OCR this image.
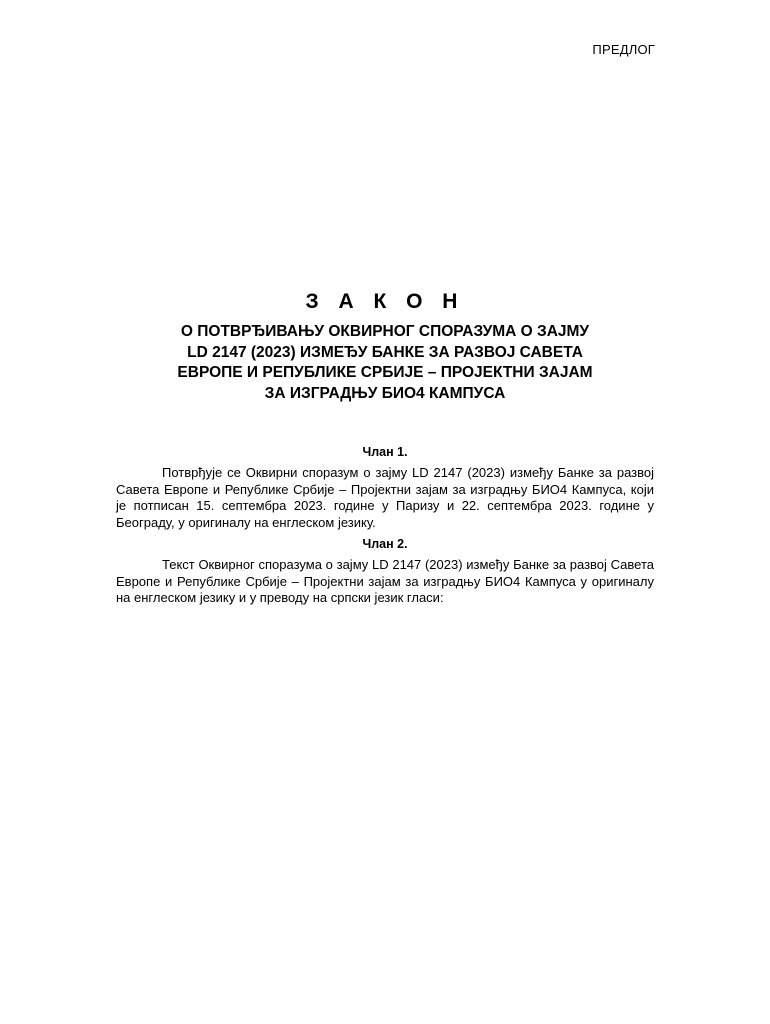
ПРЕДЛОГ
З А К О Н
О ПОТВРЂИВАЊУ ОКВИРНОГ СПОРАЗУМА О ЗАЈМУ LD 2147 (2023) ИЗМЕЂУ БАНКЕ ЗА РАЗВОЈ САВЕТА ЕВРОПЕ И РЕПУБЛИКЕ СРБИЈЕ – ПРОЈЕКТНИ ЗАЈАМ ЗА ИЗГРАДЊУ БИО4 КАМПУСА
Члан 1.

Потврђује се Оквирни споразум о зајму LD 2147 (2023) између Банке за развој Савета Европе и Републике Србије – Пројектни зајам за изградњу БИО4 Кампуса, који је потписан 15. септембра 2023. године у Паризу и 22. септембра 2023. године у Београду, у оригиналу на енглеском језику.

Члан 2.

Текст Оквирног споразума о зајму LD 2147 (2023) између Банке за развој Савета Европе и Републике Србије – Пројектни зајам за изградњу БИО4 Кампуса у оригиналу на енглеском језику и у преводу на српски језик гласи:
